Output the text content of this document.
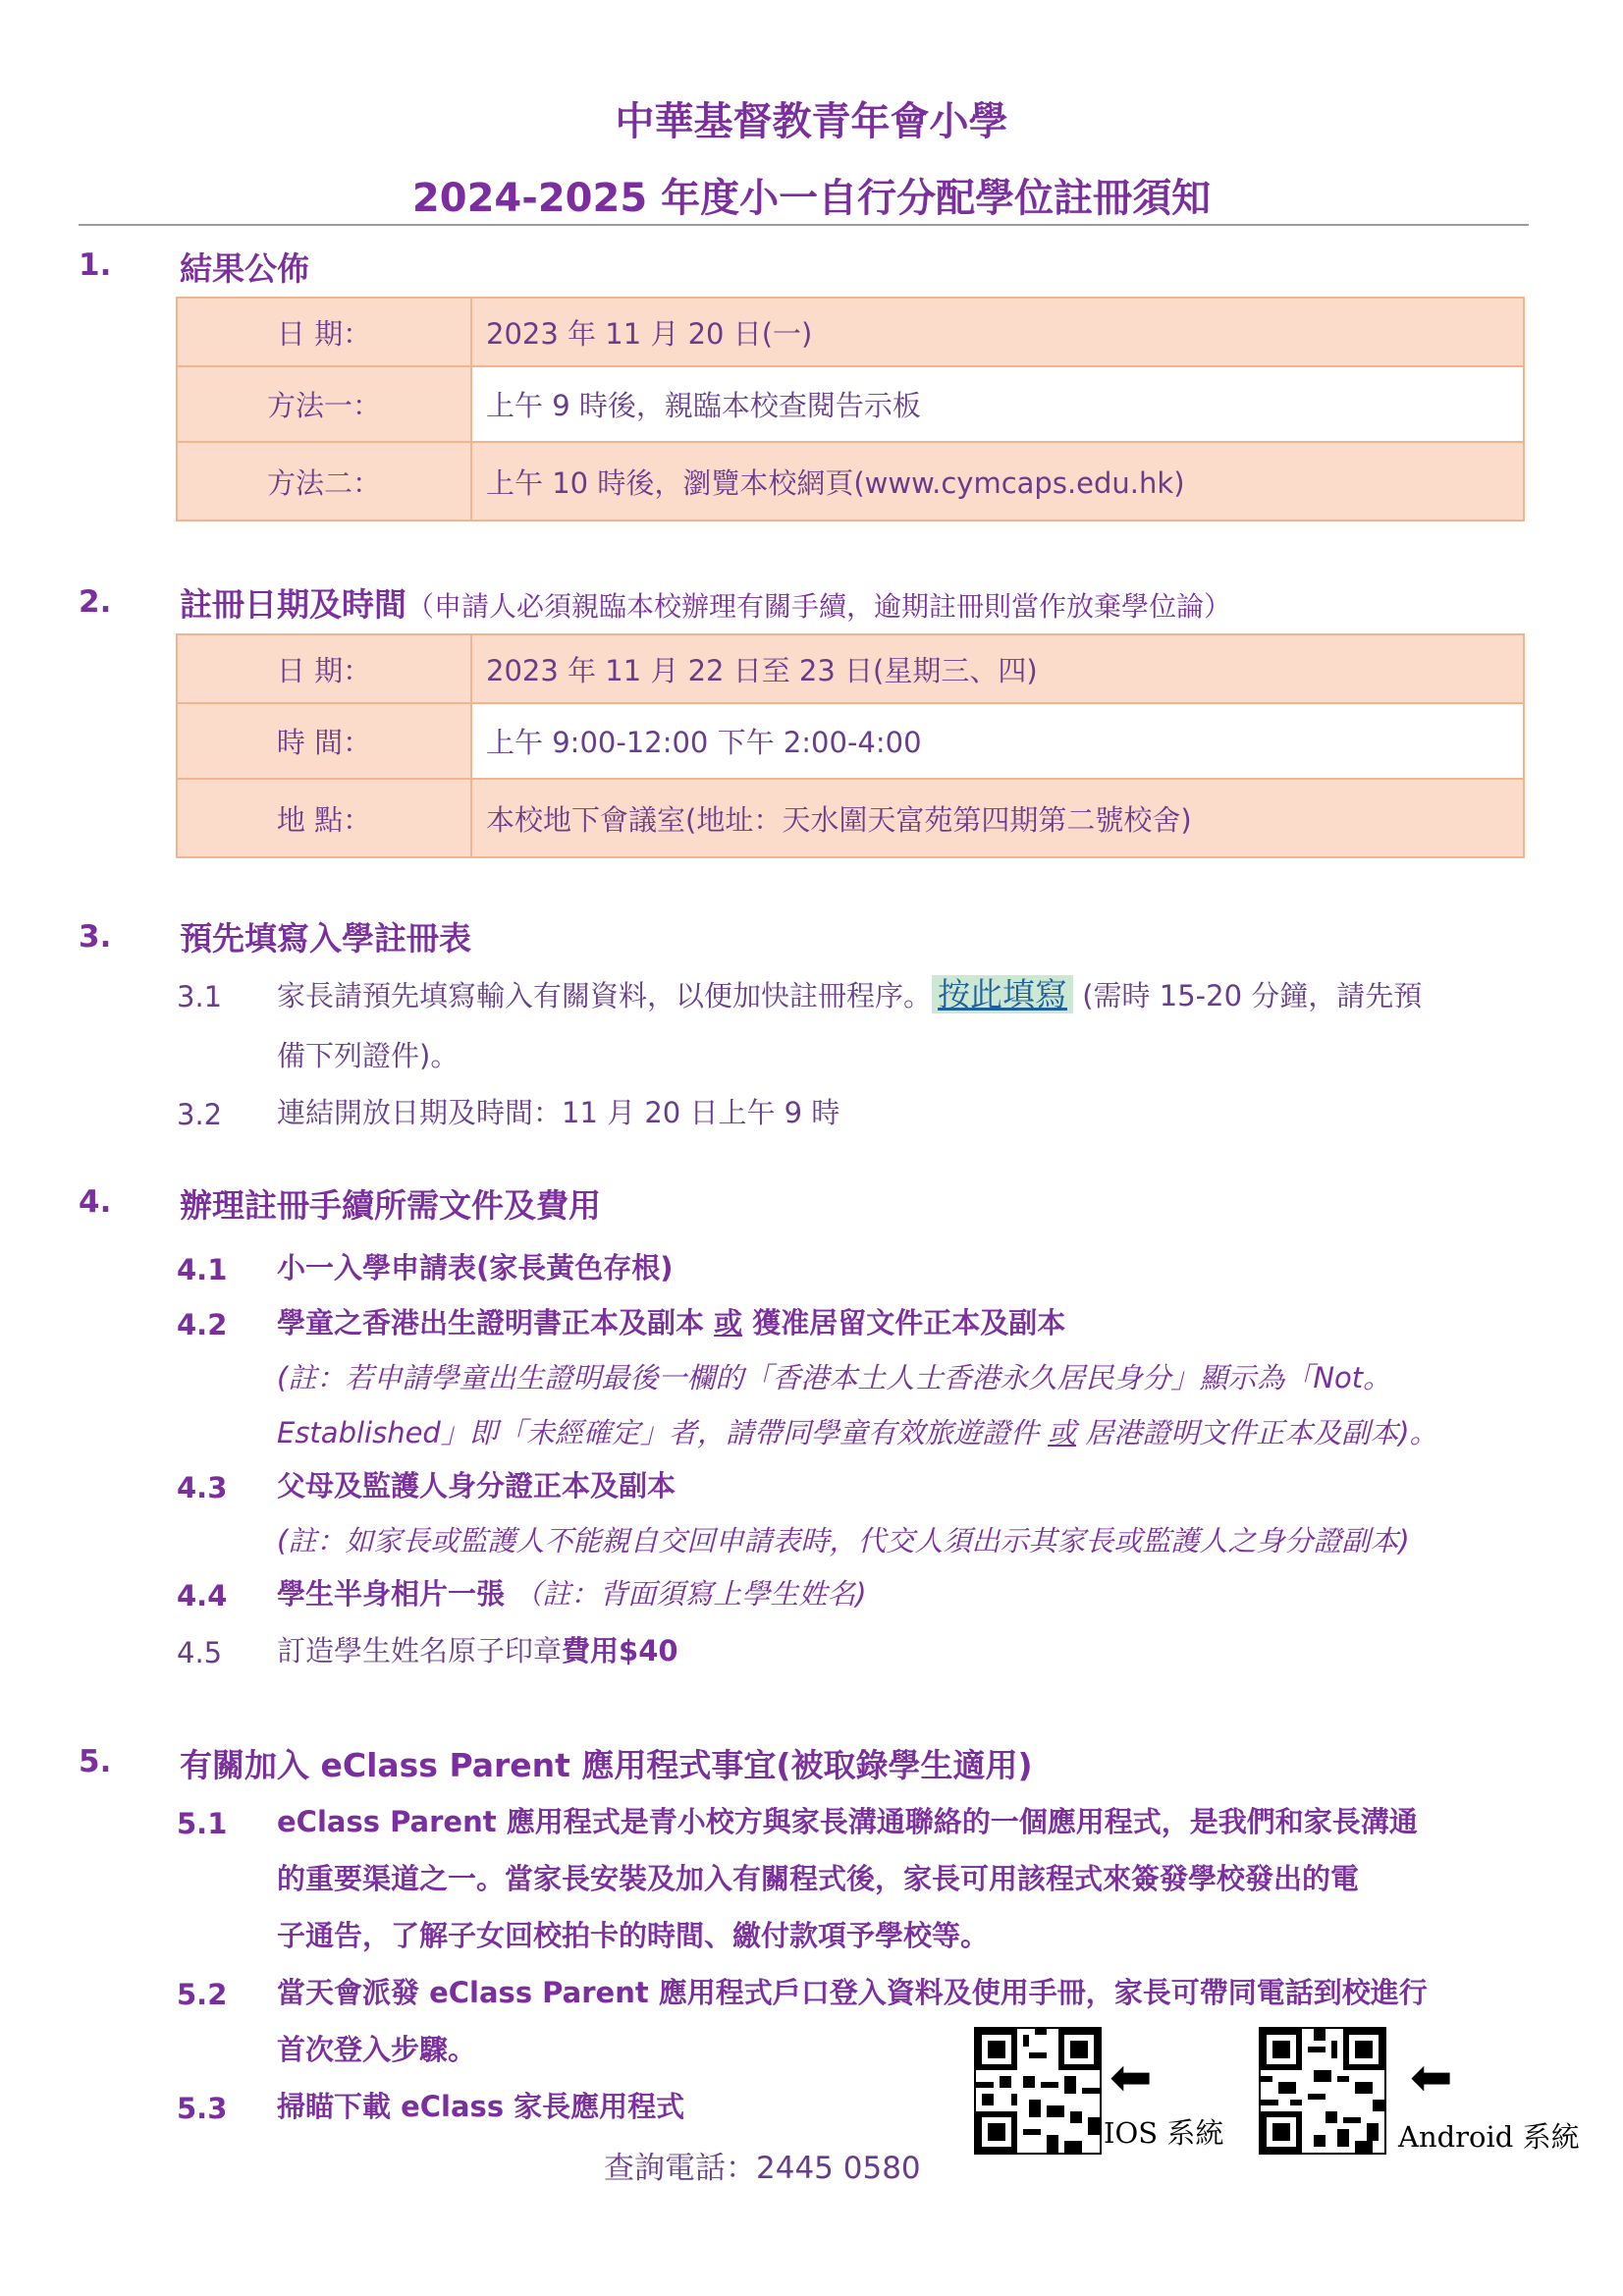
中華基督教青年會小學
2024-2025 年度小一自行分配學位註冊須知
1. 結果公佈
日 期：	2023 年 11 月 20 日(一)
方法一：	上午 9 時後，親臨本校查閱告示板
方法二：	上午 10 時後，瀏覽本校網頁(www.cymcaps.edu.hk)
2. 註冊日期及時間（申請人必須親臨本校辦理有關手續，逾期註冊則當作放棄學位論）
日 期：	2023 年 11 月 22 日至 23 日(星期三、四)
時 間：	上午 9:00-12:00 下午 2:00-4:00
地 點：	本校地下會議室(地址：天水圍天富苑第四期第二號校舍)
3. 預先填寫入學註冊表
3.1 家長請預先填寫輸入有關資料，以便加快註冊程序。 按此填寫 (需時 15-20 分鐘，請先預
備下列證件)。
3.2 連結開放日期及時間：11 月 20 日上午 9 時
4. 辦理註冊手續所需文件及費用
4.1 小一入學申請表(家長黃色存根)
4.2 學童之香港出生證明書正本及副本 或 獲准居留文件正本及副本
(註：若申請學童出生證明最後一欄的「香港本土人士香港永久居民身分」顯示為「Not。
Established」即「未經確定」者，請帶同學童有效旅遊證件 或 居港證明文件正本及副本)。
4.3 父母及監護人身分證正本及副本
(註：如家長或監護人不能親自交回申請表時，代交人須出示其家長或監護人之身分證副本)
4.4 學生半身相片一張 （註：背面須寫上學生姓名)
4.5 訂造學生姓名原子印章費用$40
5. 有關加入 eClass Parent 應用程式事宜(被取錄學生適用)
5.1 eClass Parent 應用程式是青小校方與家長溝通聯絡的一個應用程式，是我們和家長溝通
的重要渠道之一。當家長安裝及加入有關程式後，家長可用該程式來簽發學校發出的電
子通告，了解子女回校拍卡的時間、繳付款項予學校等。
5.2 當天會派發 eClass Parent 應用程式戶口登入資料及使用手冊，家長可帶同電話到校進行
首次登入步驟。
5.3 掃瞄下載 eClass 家長應用程式	⬅
IOS 系統
⬅
Android 系統
查詢電話：2445 0580
